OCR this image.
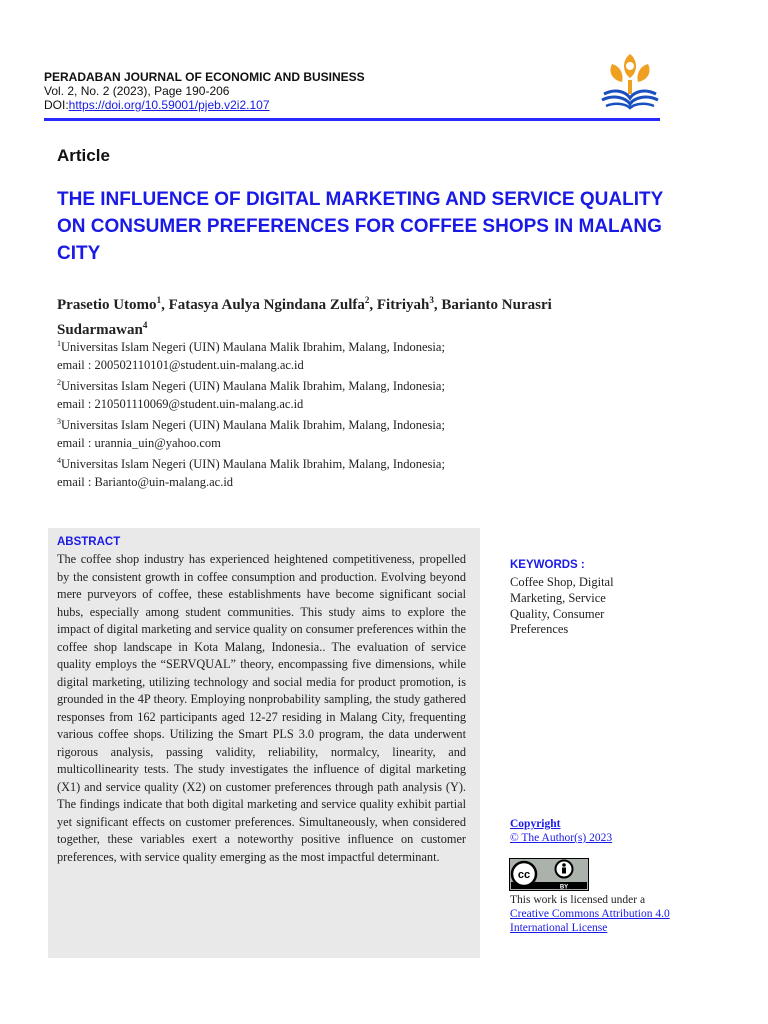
PERADABAN JOURNAL OF ECONOMIC AND BUSINESS
Vol. 2, No. 2 (2023), Page 190-206
DOI:https://doi.org/10.59001/pjeb.v2i2.107
Article
THE INFLUENCE OF DIGITAL MARKETING AND SERVICE QUALITY ON CONSUMER PREFERENCES FOR COFFEE SHOPS IN MALANG CITY
Prasetio Utomo$^1$, Fatasya Aulya Ngindana Zulfa$^2$, Fitriyah$^3$, Barianto Nurasri Sudarmawan$^4$
$^1$Universitas Islam Negeri (UIN) Maulana Malik Ibrahim, Malang, Indonesia;
email : 200502110101@student.uin-malang.ac.id
$^2$Universitas Islam Negeri (UIN) Maulana Malik Ibrahim, Malang, Indonesia;
email : 210501110069@student.uin-malang.ac.id
$^3$Universitas Islam Negeri (UIN) Maulana Malik Ibrahim, Malang, Indonesia;
email : urannia_uin@yahoo.com
$^4$Universitas Islam Negeri (UIN) Maulana Malik Ibrahim, Malang, Indonesia;
email : Barianto@uin-malang.ac.id
ABSTRACT
The coffee shop industry has experienced heightened competitiveness, propelled by the consistent growth in coffee consumption and production. Evolving beyond mere purveyors of coffee, these establishments have become significant social hubs, especially among student communities. This study aims to explore the impact of digital marketing and service quality on consumer preferences within the coffee shop landscape in Kota Malang, Indonesia.. The evaluation of service quality employs the “SERVQUAL” theory, encompassing five dimensions, while digital marketing, utilizing technology and social media for product promotion, is grounded in the 4P theory. Employing nonprobability sampling, the study gathered responses from 162 participants aged 12-27 residing in Malang City, frequenting various coffee shops. Utilizing the Smart PLS 3.0 program, the data underwent rigorous analysis, passing validity, reliability, normalcy, linearity, and multicollinearity tests. The study investigates the influence of digital marketing (X1) and service quality (X2) on customer preferences through path analysis (Y). The findings indicate that both digital marketing and service quality exhibit partial yet significant effects on customer preferences. Simultaneously, when considered together, these variables exert a noteworthy positive influence on customer preferences, with service quality emerging as the most impactful determinant.
KEYWORDS :
Coffee Shop, Digital Marketing, Service Quality, Consumer Preferences
Copyright
© The Author(s) 2023
cc
BY
This work is licensed under a Creative Commons Attribution 4.0 International License
